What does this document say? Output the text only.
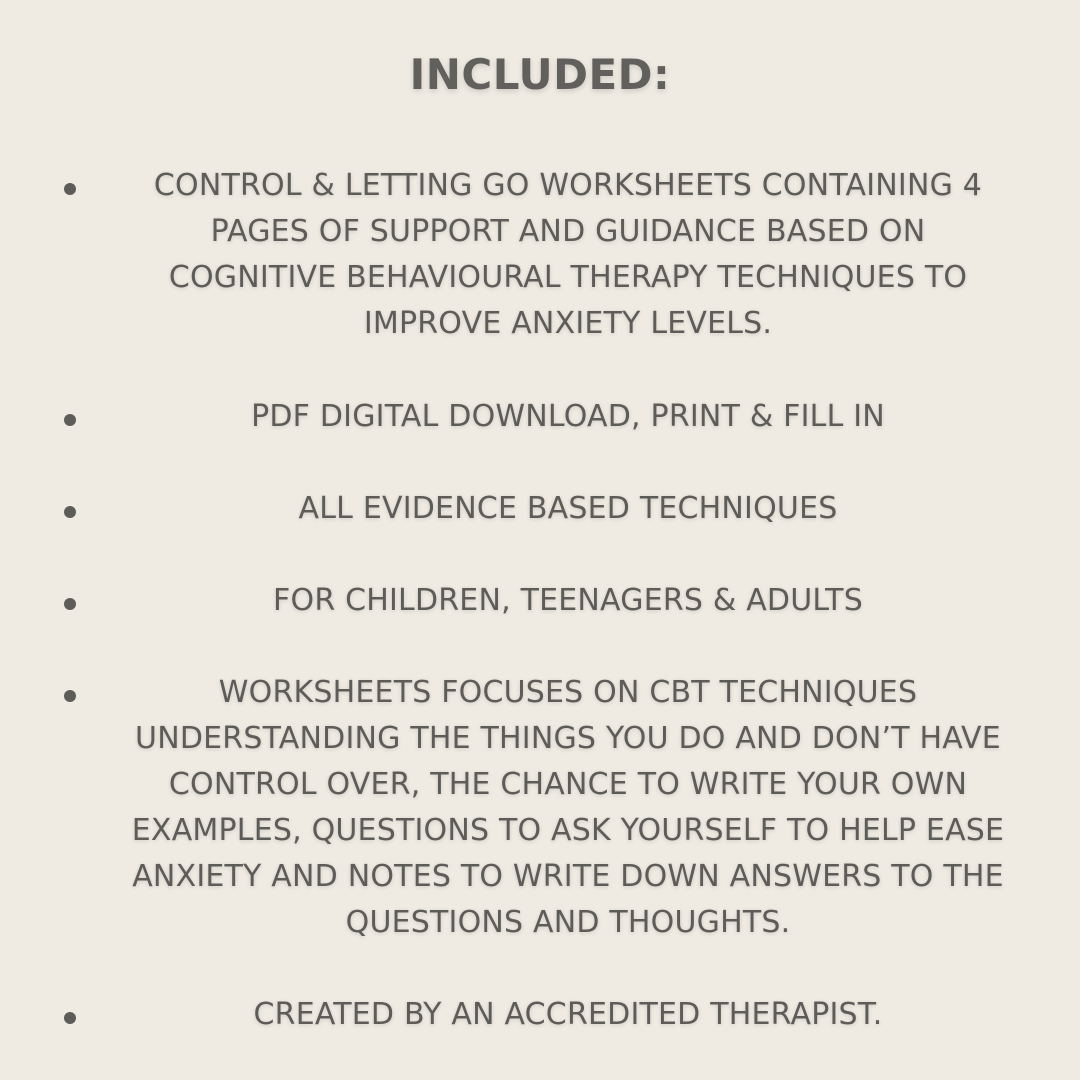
INCLUDED:
CONTROL & LETTING GO WORKSHEETS CONTAINING 4
PAGES OF SUPPORT AND GUIDANCE BASED ON
COGNITIVE BEHAVIOURAL THERAPY TECHNIQUES TO
IMPROVE ANXIETY LEVELS.
PDF DIGITAL DOWNLOAD, PRINT & FILL IN
ALL EVIDENCE BASED TECHNIQUES
FOR CHILDREN, TEENAGERS & ADULTS
WORKSHEETS FOCUSES ON CBT TECHNIQUES
UNDERSTANDING THE THINGS YOU DO AND DON’T HAVE
CONTROL OVER, THE CHANCE TO WRITE YOUR OWN
EXAMPLES, QUESTIONS TO ASK YOURSELF TO HELP EASE
ANXIETY AND NOTES TO WRITE DOWN ANSWERS TO THE
QUESTIONS AND THOUGHTS.
CREATED BY AN ACCREDITED THERAPIST.
